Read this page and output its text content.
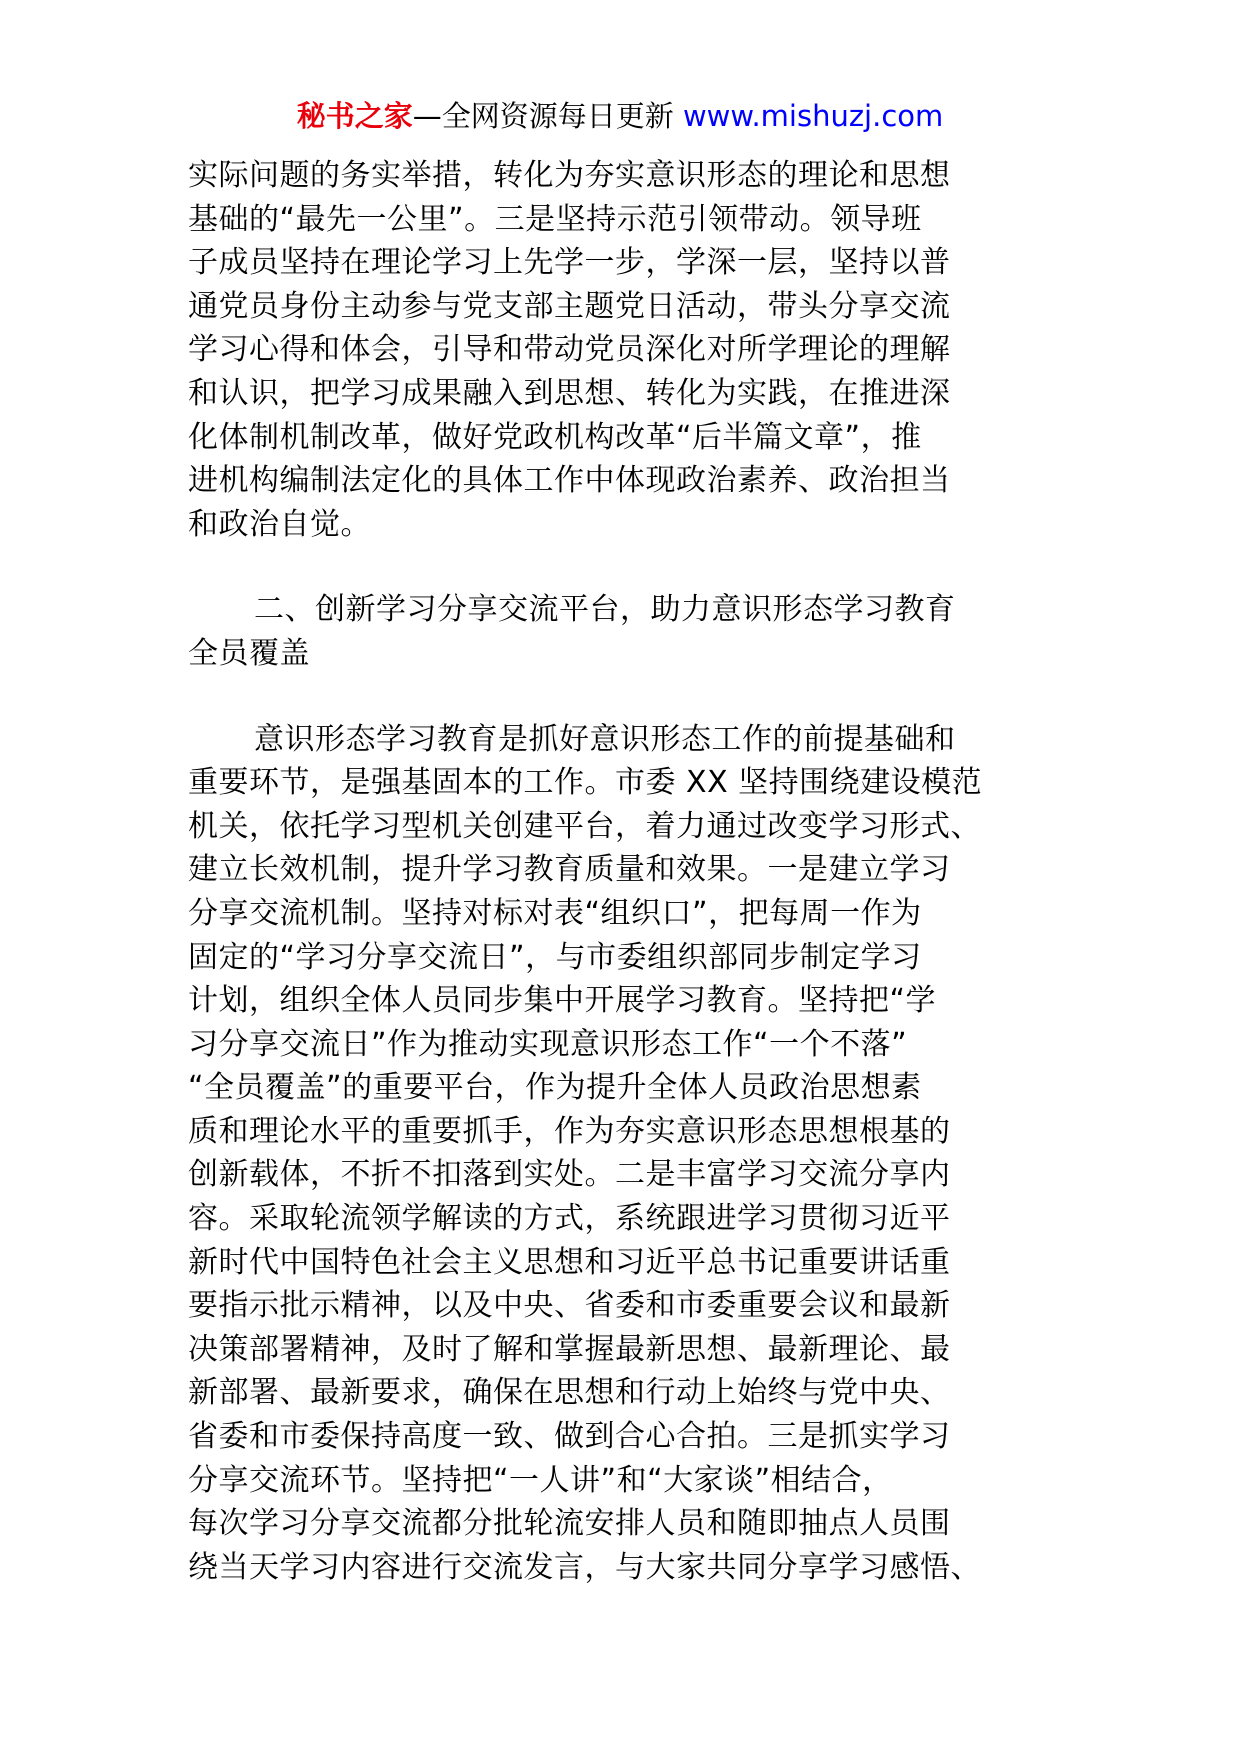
秘书之家—全网资源每日更新 www.mishuzj.com

实际问题的务实举措，转化为夯实意识形态的理论和思想
基础的“最先一公里”。三是坚持示范引领带动。领导班
子成员坚持在理论学习上先学一步，学深一层，坚持以普
通党员身份主动参与党支部主题党日活动，带头分享交流
学习心得和体会，引导和带动党员深化对所学理论的理解
和认识，把学习成果融入到思想、转化为实践，在推进深
化体制机制改革，做好党政机构改革“后半篇文章”，推
进机构编制法定化的具体工作中体现政治素养、政治担当
和政治自觉。

二、创新学习分享交流平台，助力意识形态学习教育
全员覆盖

意识形态学习教育是抓好意识形态工作的前提基础和
重要环节，是强基固本的工作。市委 XX 坚持围绕建设模范
机关，依托学习型机关创建平台，着力通过改变学习形式、
建立长效机制，提升学习教育质量和效果。一是建立学习
分享交流机制。坚持对标对表“组织口”，把每周一作为
固定的“学习分享交流日”，与市委组织部同步制定学习
计划，组织全体人员同步集中开展学习教育。坚持把“学
习分享交流日”作为推动实现意识形态工作“一个不落”
“全员覆盖”的重要平台，作为提升全体人员政治思想素
质和理论水平的重要抓手，作为夯实意识形态思想根基的
创新载体，不折不扣落到实处。二是丰富学习交流分享内
容。采取轮流领学解读的方式，系统跟进学习贯彻习近平
新时代中国特色社会主义思想和习近平总书记重要讲话重
要指示批示精神，以及中央、省委和市委重要会议和最新
决策部署精神，及时了解和掌握最新思想、最新理论、最
新部署、最新要求，确保在思想和行动上始终与党中央、
省委和市委保持高度一致、做到合心合拍。三是抓实学习
分享交流环节。坚持把“一人讲”和“大家谈”相结合，
每次学习分享交流都分批轮流安排人员和随即抽点人员围
绕当天学习内容进行交流发言，与大家共同分享学习感悟、
